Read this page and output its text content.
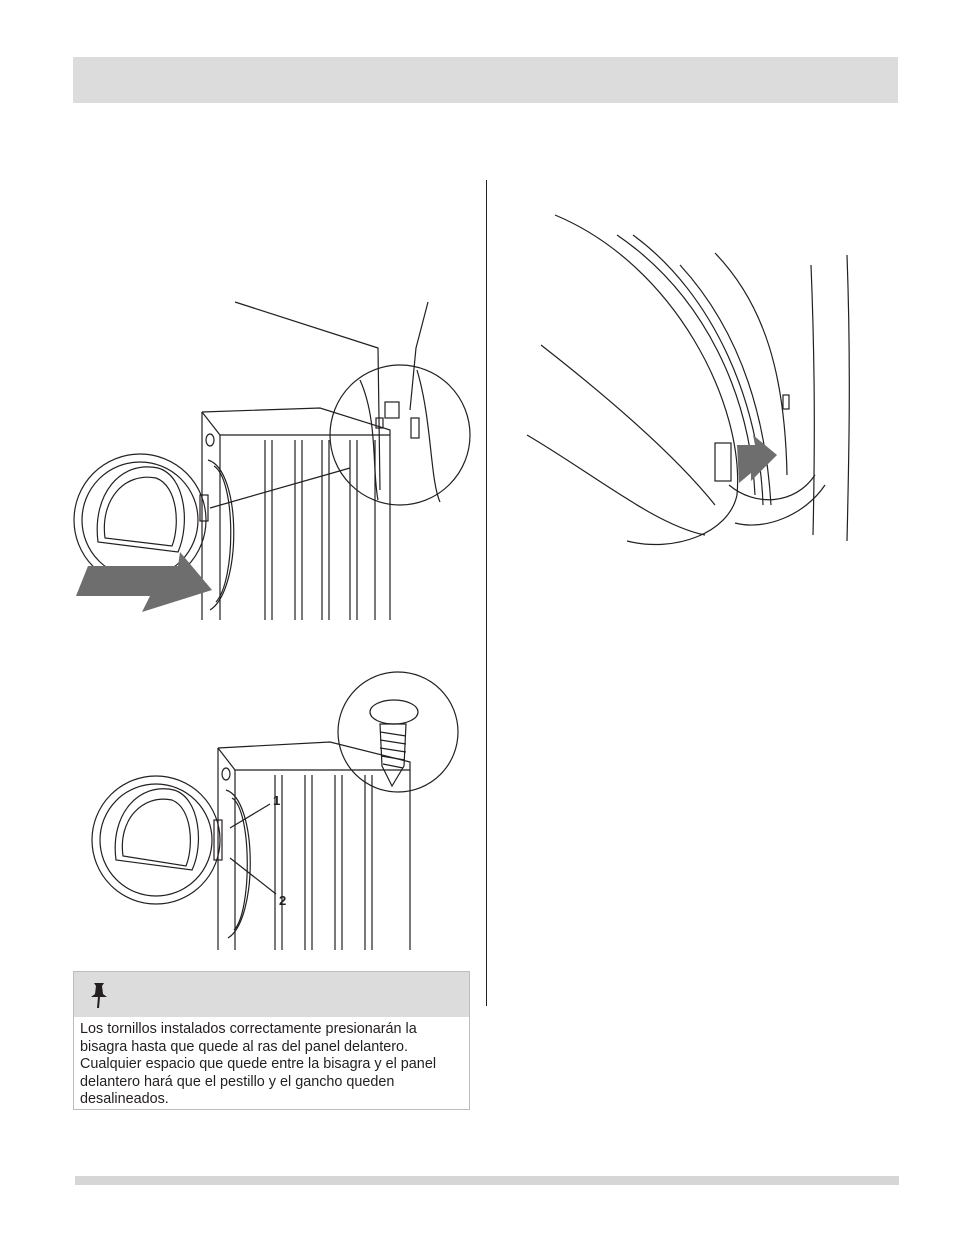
1
2
Los tornillos instalados correctamente presionarán la bisagra hasta que quede al ras del panel delantero. Cualquier espacio que quede entre la bisagra y el panel delantero hará que el pestillo y el gancho queden desalineados.
